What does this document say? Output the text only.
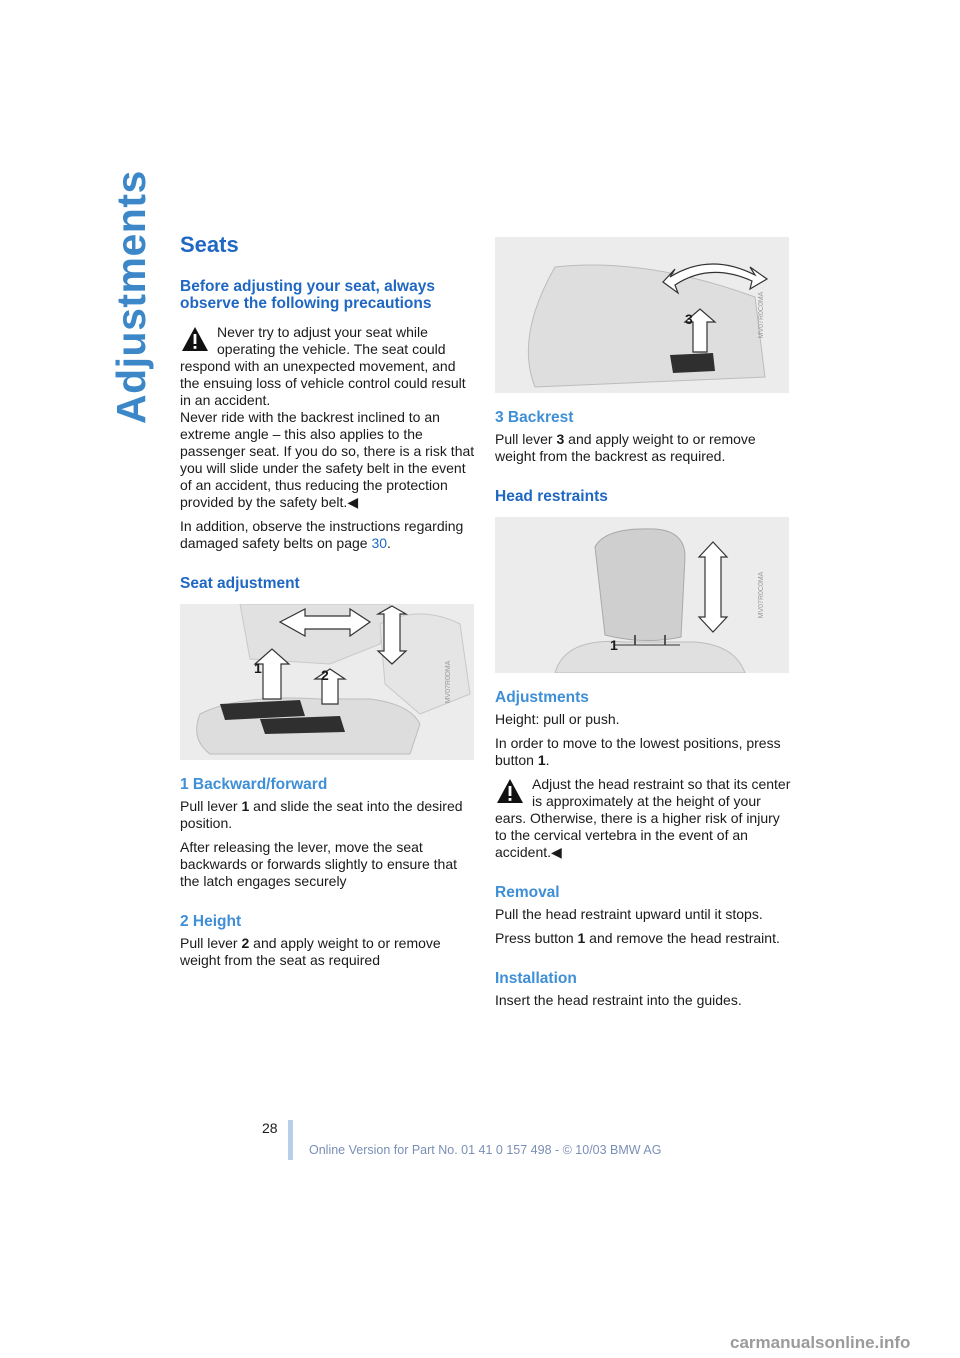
Adjustments Seats
Before adjusting your seat, always observe the following precautions

Never try to adjust your seat while operating the vehicle. The seat could respond with an unexpected movement, and the ensuing loss of vehicle control could result in an accident.

Never ride with the backrest inclined to an extreme angle – this also applies to the passenger seat. If you do so, there is a risk that you will slide under the safety belt in the event of an accident, thus reducing the protection provided by the safety belt.◀

In addition, observe the instructions regarding damaged safety belts on page 30.

Seat adjustment
1	2	MV07R0DMA
1 Backward/forward

Pull lever 1 and slide the seat into the desired position.

After releasing the lever, move the seat backwards or forwards slightly to ensure that the latch engages securely

2 Height

Pull lever 2 and apply weight to or remove weight from the seat as required

3	MV07R0C0MA
3 Backrest

Pull lever 3 and apply weight to or remove weight from the backrest as required.

Head restraints
1
MV07R0C0MA
Adjustments

Height: pull or push.

In order to move to the lowest positions, press button 1.

Adjust the head restraint so that its center is approximately at the height of your ears. Otherwise, there is a higher risk of injury to the cervical vertebra in the event of an accident.◀

Removal

Pull the head restraint upward until it stops.

Press button 1 and remove the head restraint.

Installation

Insert the head restraint into the guides.

28
Online Version for Part No. 01 41 0 157 498 - © 10/03 BMW AG
carmanualsonline.info
